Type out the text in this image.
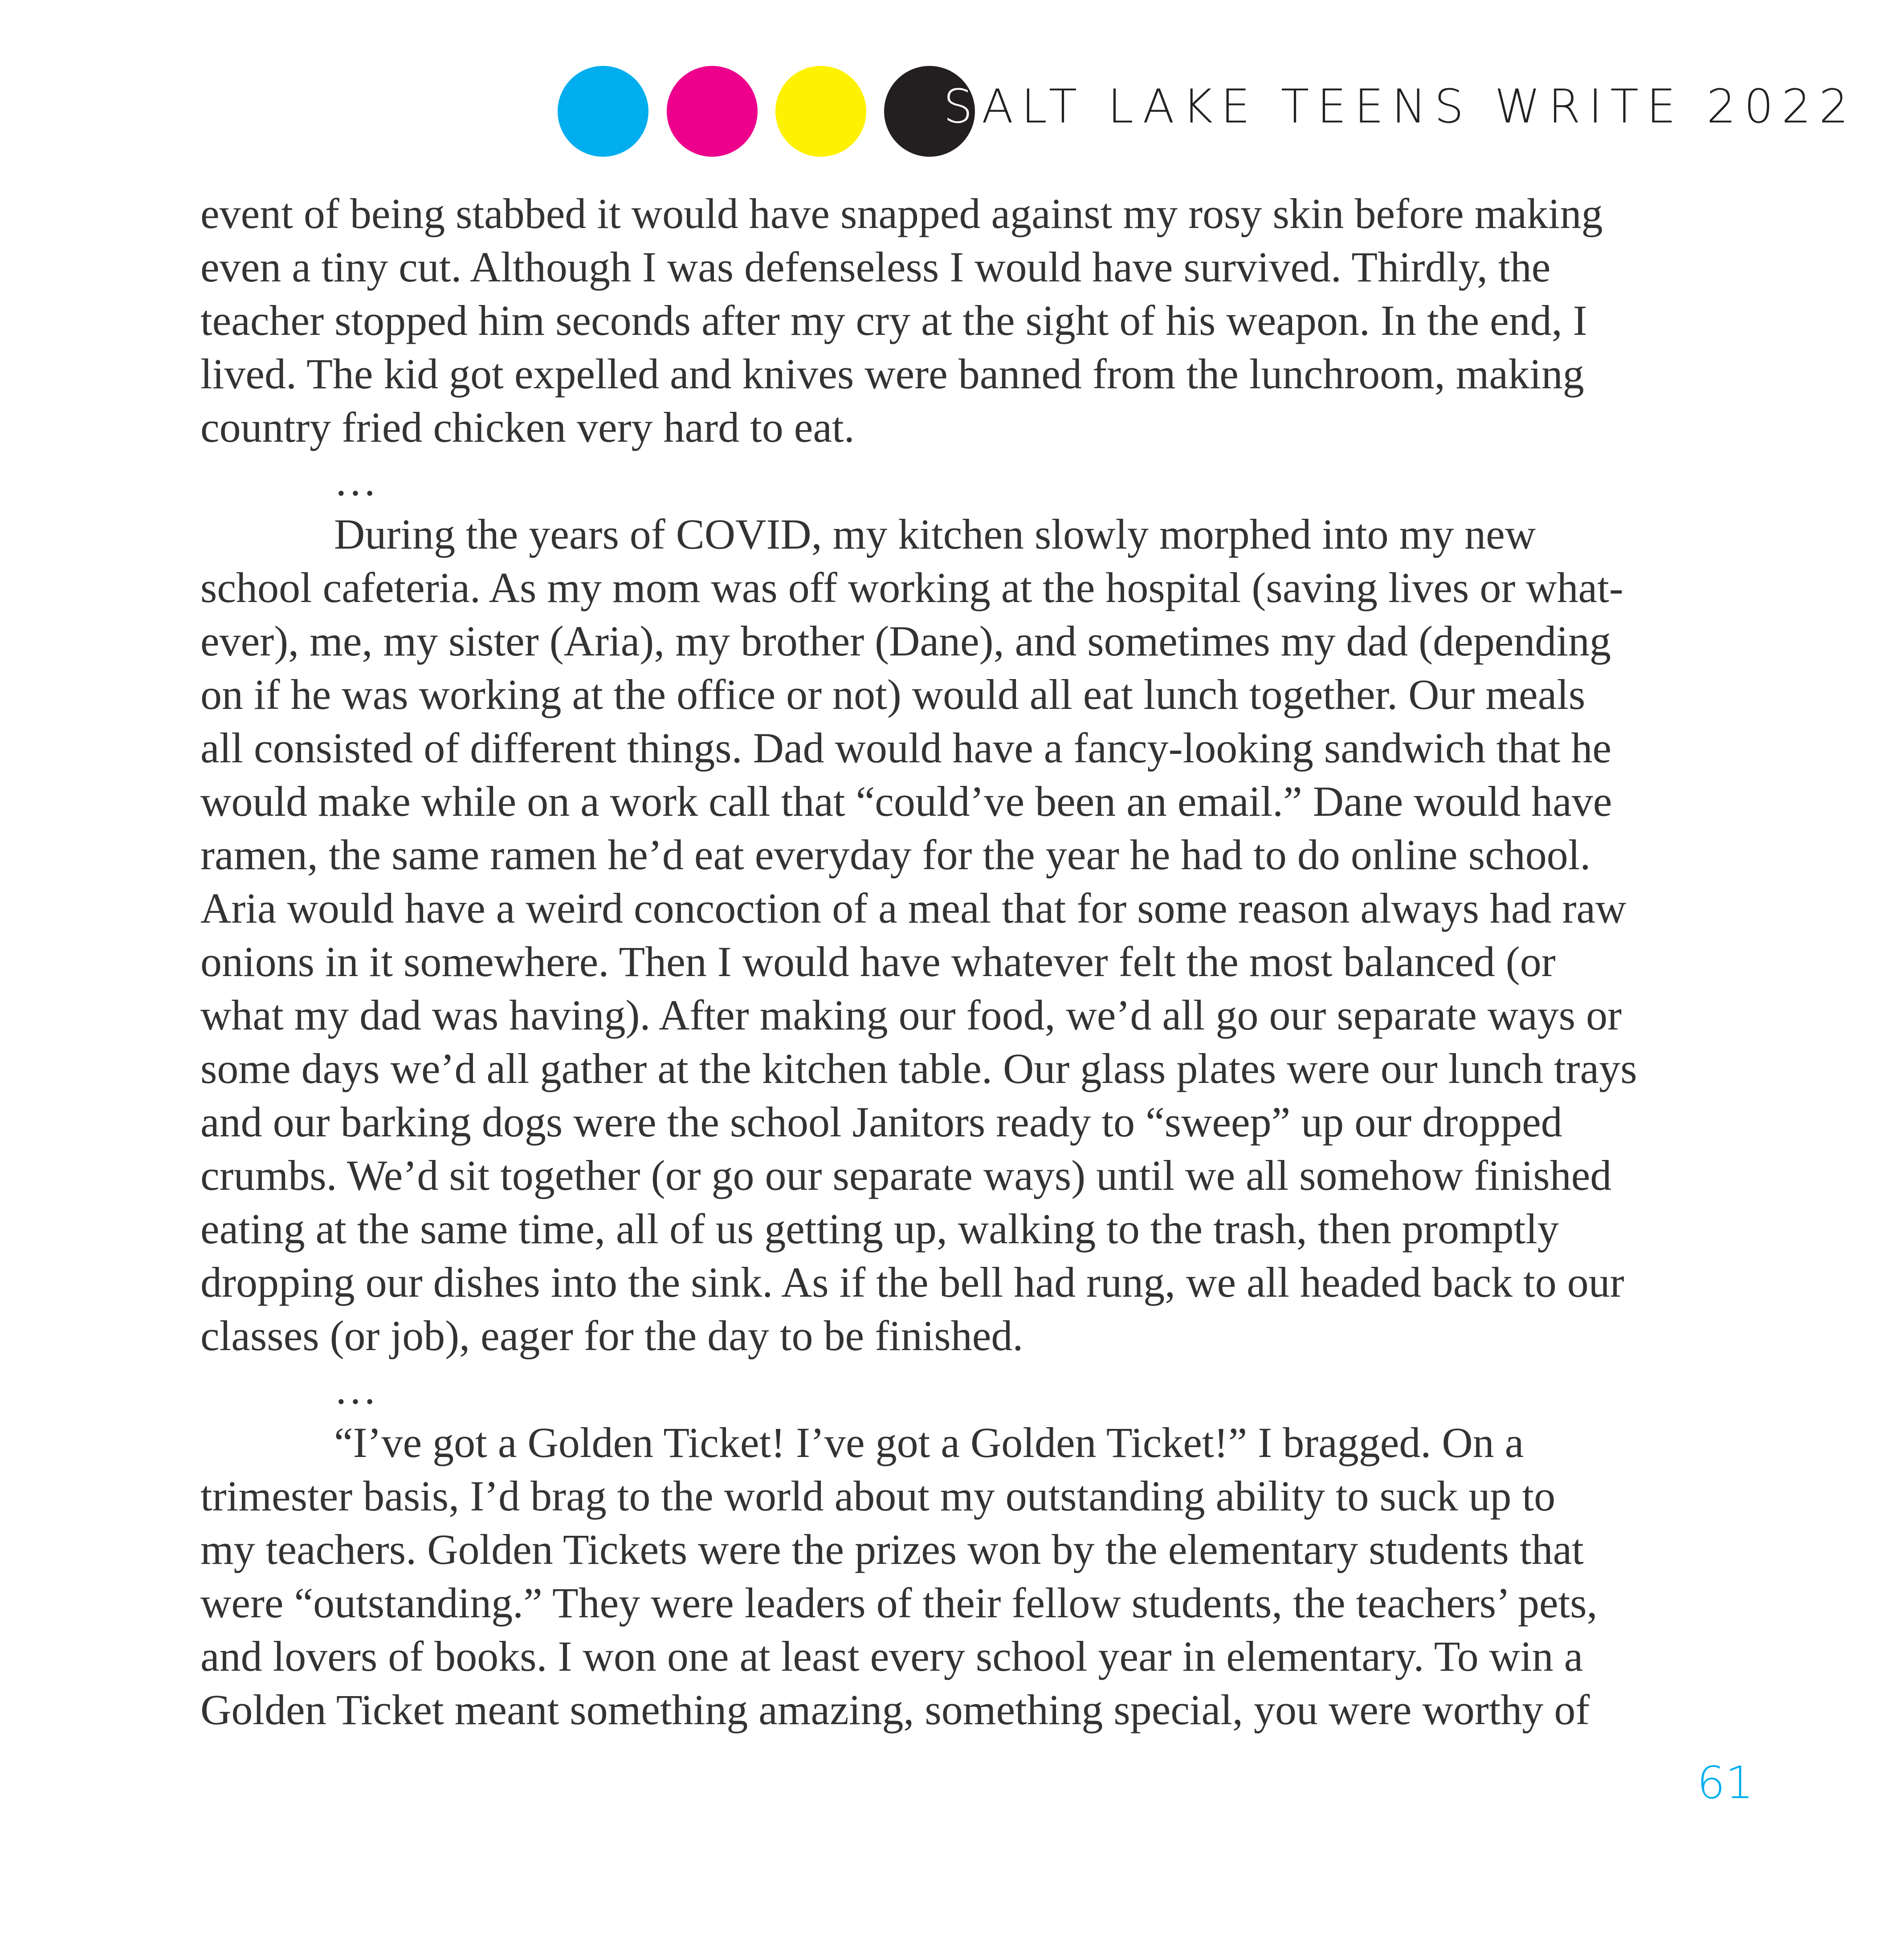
SALT LAKE TEENS WRITE 2022
event of being stabbed it would have snapped against my rosy skin before making
even a tiny cut. Although I was defenseless I would have survived. Thirdly, the
teacher stopped him seconds after my cry at the sight of his weapon. In the end, I
lived. The kid got expelled and knives were banned from the lunchroom, making
country fried chicken very hard to eat.
…
During the years of COVID, my kitchen slowly morphed into my new
school cafeteria. As my mom was off working at the hospital (saving lives or what-
ever), me, my sister (Aria), my brother (Dane), and sometimes my dad (depending
on if he was working at the office or not) would all eat lunch together. Our meals
all consisted of different things. Dad would have a fancy-looking sandwich that he
would make while on a work call that “could’ve been an email.” Dane would have
ramen, the same ramen he’d eat everyday for the year he had to do online school.
Aria would have a weird concoction of a meal that for some reason always had raw
onions in it somewhere. Then I would have whatever felt the most balanced (or
what my dad was having). After making our food, we’d all go our separate ways or
some days we’d all gather at the kitchen table. Our glass plates were our lunch trays
and our barking dogs were the school Janitors ready to “sweep” up our dropped
crumbs. We’d sit together (or go our separate ways) until we all somehow finished
eating at the same time, all of us getting up, walking to the trash, then promptly
dropping our dishes into the sink. As if the bell had rung, we all headed back to our
classes (or job), eager for the day to be finished.
…
“I’ve got a Golden Ticket! I’ve got a Golden Ticket!” I bragged. On a
trimester basis, I’d brag to the world about my outstanding ability to suck up to
my teachers. Golden Tickets were the prizes won by the elementary students that
were “outstanding.” They were leaders of their fellow students, the teachers’ pets,
and lovers of books. I won one at least every school year in elementary. To win a
Golden Ticket meant something amazing, something special, you were worthy of
61
